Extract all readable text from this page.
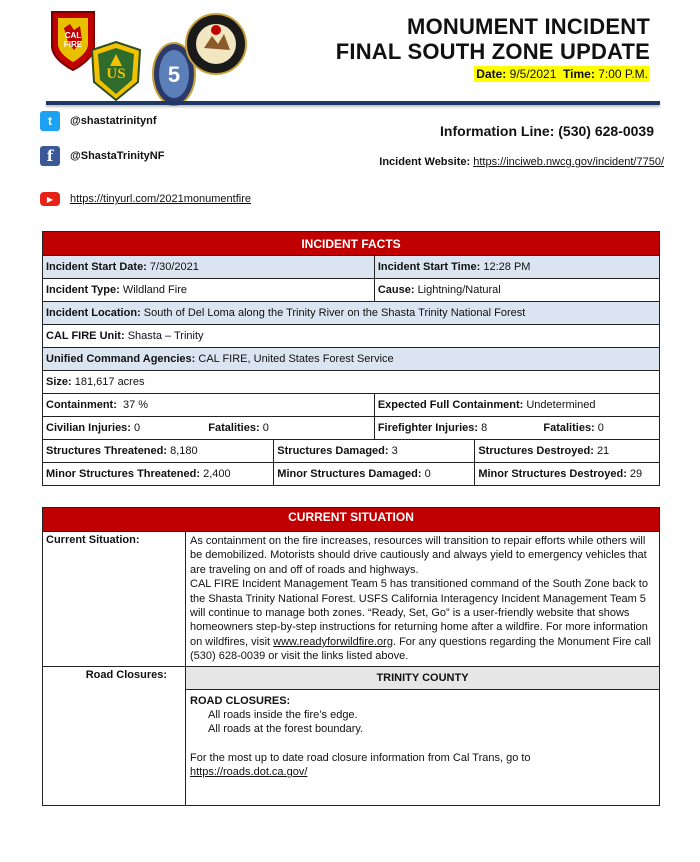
CAL
FIRE
US 5
MONUMENT INCIDENT
FINAL SOUTH ZONE UPDATE
Date: 9/5/2021 Time: 7:00 P.M.
t	@shastatrinitynf
f	@ShastaTrinityNF
▶	https://tinyurl.com/2021monumentfire
Information Line: (530) 628-0039
Incident Website: https://inciweb.nwcg.gov/incident/7750/
INCIDENT FACTS			
Incident Start Date: 7/30/2021		Incident Start Time: 12:28 PM	
Incident Type: Wildland Fire		Cause: Lightning/Natural	
Incident Location: South of Del Loma along the Trinity River on the Shasta Trinity National Forest			
CAL FIRE Unit: Shasta – Trinity			
Unified Command Agencies: CAL FIRE, United States Forest Service			
Size: 181,617 acres			
Containment: 37 %		Expected Full Containment: Undetermined	
Civilian Injuries: 0 Fatalities: 0		Firefighter Injuries: 8 Fatalities: 0	
Structures Threatened: 8,180	Structures Damaged: 3		Structures Destroyed: 21
Minor Structures Threatened: 2,400	Minor Structures Damaged: 0		Minor Structures Destroyed: 29
CURRENT SITUATION	
Current Situation:	As containment on the fire increases, resources will transition to repair efforts while others will be demobilized. Motorists should drive cautiously and always yield to emergency vehicles that are traveling on and off of roads and highways.
CAL FIRE Incident Management Team 5 has transitioned command of the South Zone back to the Shasta Trinity National Forest. USFS California Interagency Incident Management Team 5 will continue to manage both zones. “Ready, Set, Go” is a user-friendly website that shows homeowners step-by-step instructions for returning home after a wildfire. For more information on wildfires, visit www.readyforwildfire.org. For any questions regarding the Monument Fire call (530) 628-0039 or visit the links listed above.
Road Closures:	TRINITY COUNTY
	ROAD CLOSURES:
All roads inside the fire’s edge.
All roads at the forest boundary.
For the most up to date road closure information from Cal Trans, go to
https://roads.dot.ca.gov/
